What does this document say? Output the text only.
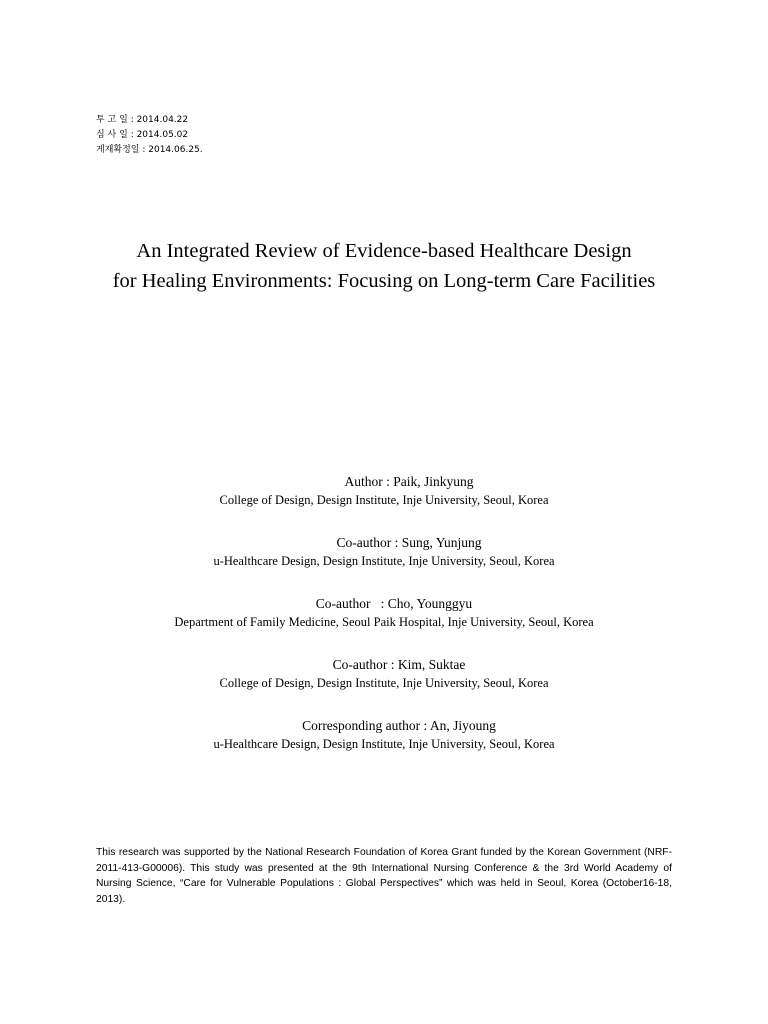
투 고 일 : 2014.04.22
심 사 일 : 2014.05.02
게재확정일 : 2014.06.25.
An Integrated Review of Evidence-based Healthcare Design
for Healing Environments: Focusing on Long-term Care Facilities
Author : Paik, Jinkyung
College of Design, Design Institute, Inje University, Seoul, Korea
Co-author : Sung, Yunjung
u-Healthcare Design, Design Institute, Inje University, Seoul, Korea
Co-author   : Cho, Younggyu
Department of Family Medicine, Seoul Paik Hospital, Inje University, Seoul, Korea
Co-author : Kim, Suktae
College of Design, Design Institute, Inje University, Seoul, Korea
Corresponding author : An, Jiyoung
u-Healthcare Design, Design Institute, Inje University, Seoul, Korea
This research was supported by the National Research Foundation of Korea Grant funded by the Korean Government (NRF-2011-413-G00006). This study was presented at the 9th International Nursing Conference & the 3rd World Academy of Nursing Science, “Care for Vulnerable Populations : Global Perspectives” which was held in Seoul, Korea (October16-18, 2013).
